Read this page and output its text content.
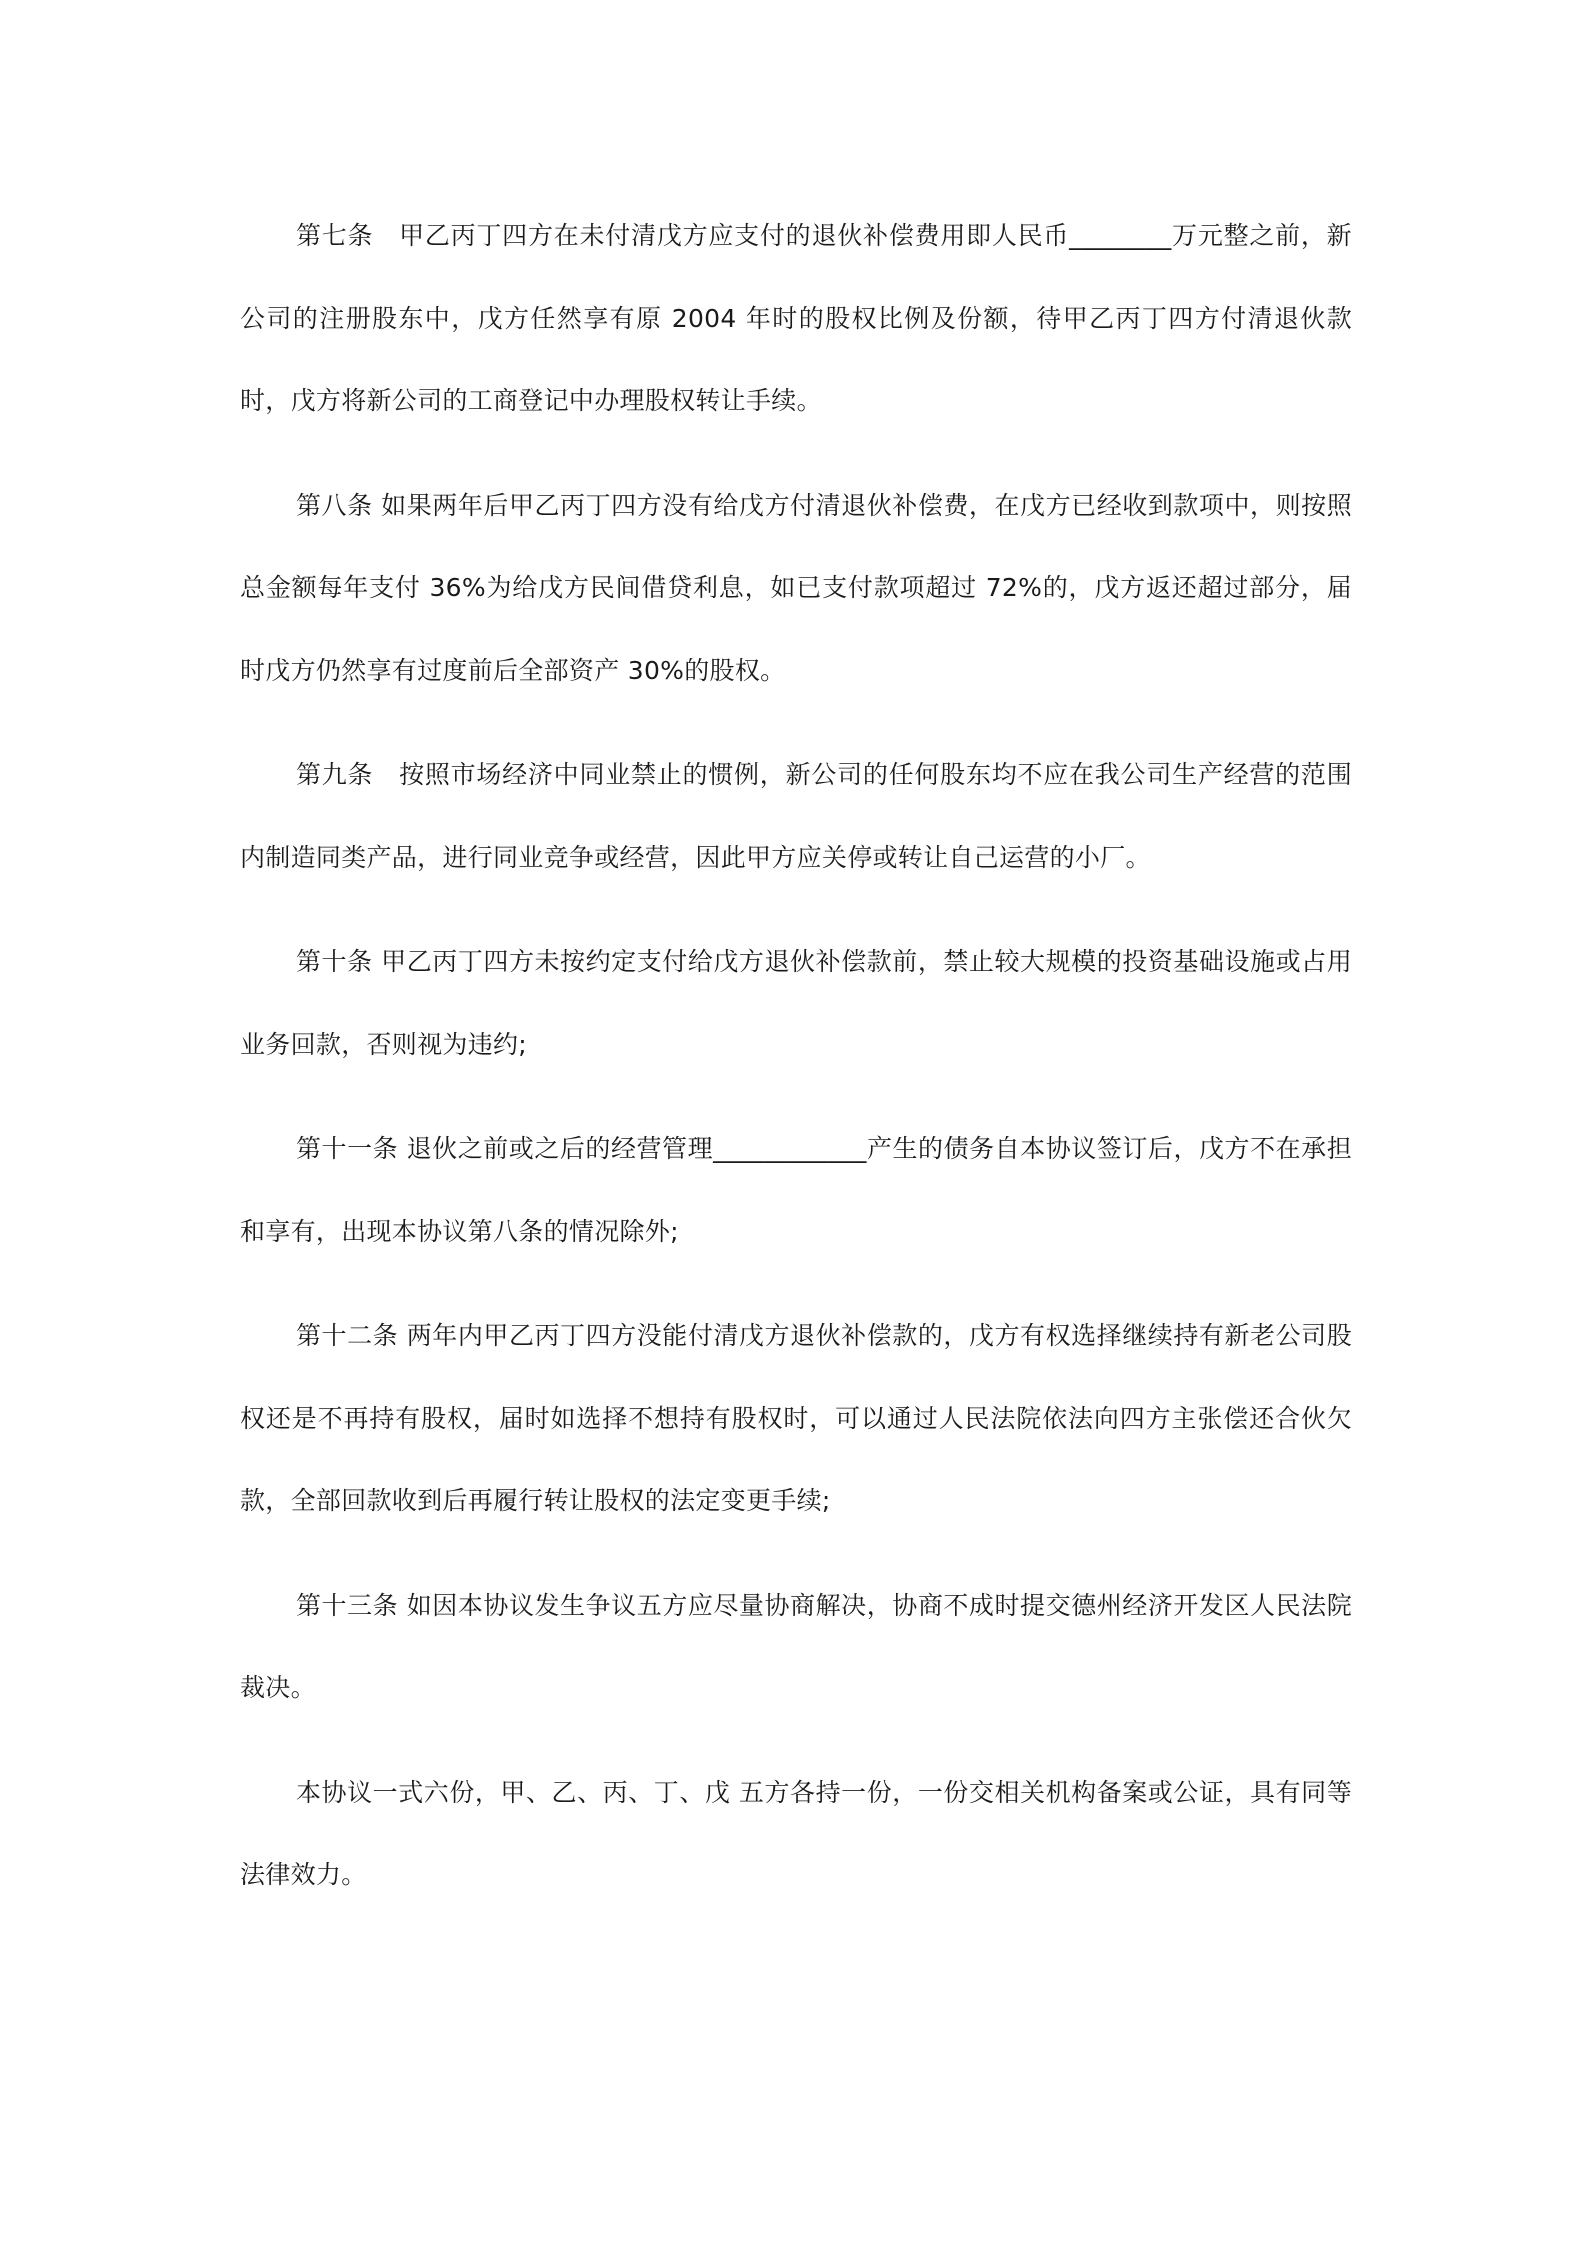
第七条　甲乙丙丁四方在未付清戊方应支付的退伙补偿费用即人民币________万元整之前，新公司的注册股东中，戊方任然享有原 2004 年时的股权比例及份额，待甲乙丙丁四方付清退伙款时，戊方将新公司的工商登记中办理股权转让手续。

第八条 如果两年后甲乙丙丁四方没有给戊方付清退伙补偿费，在戊方已经收到款项中，则按照总金额每年支付 36%为给戊方民间借贷利息，如已支付款项超过 72%的，戊方返还超过部分，届时戊方仍然享有过度前后全部资产 30%的股权。

第九条　按照市场经济中同业禁止的惯例，新公司的任何股东均不应在我公司生产经营的范围内制造同类产品，进行同业竞争或经营，因此甲方应关停或转让自己运营的小厂。

第十条 甲乙丙丁四方未按约定支付给戊方退伙补偿款前，禁止较大规模的投资基础设施或占用业务回款，否则视为违约;

第十一条 退伙之前或之后的经营管理____________产生的债务自本协议签订后，戊方不在承担和享有，出现本协议第八条的情况除外;

第十二条 两年内甲乙丙丁四方没能付清戊方退伙补偿款的，戊方有权选择继续持有新老公司股权还是不再持有股权，届时如选择不想持有股权时，可以通过人民法院依法向四方主张偿还合伙欠款，全部回款收到后再履行转让股权的法定变更手续;

第十三条 如因本协议发生争议五方应尽量协商解决，协商不成时提交德州经济开发区人民法院裁决。

本协议一式六份，甲、乙、丙、丁、戊 五方各持一份，一份交相关机构备案或公证，具有同等法律效力。
